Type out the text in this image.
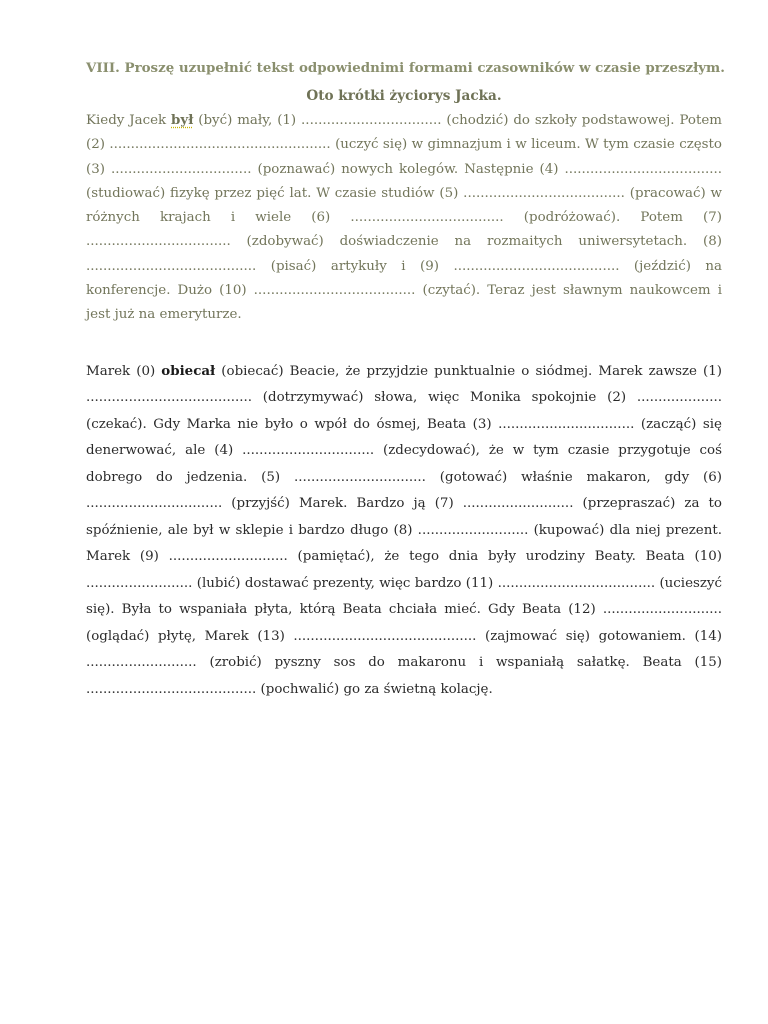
VIII. Proszę uzupełnić tekst odpowiednimi formami czasowników w czasie przeszłym.
Oto krótki życiorys Jacka.

Kiedy Jacek był (być) mały, (1) ................................. (chodzić) do szkoły podstawowej. Potem (2) .................................................... (uczyć się) w gimnazjum i w liceum. W tym czasie często (3) ................................. (poznawać) nowych kolegów. Następnie (4) ..................................... (studiować) fizykę przez pięć lat. W czasie studiów (5) ...................................... (pracować) w różnych krajach i wiele (6) .................................... (podróżować). Potem (7) .................................. (zdobywać) doświadczenie na rozmaitych uniwersytetach. (8) ........................................ (pisać) artykuły i (9) ....................................... (jeździć) na konferencje. Dużo (10) ...................................... (czytać). Teraz jest sławnym naukowcem i jest już na emeryturze.

Marek (0) obiecał (obiecać) Beacie, że przyjdzie punktualnie o siódmej. Marek zawsze (1) ....................................... (dotrzymywać) słowa, więc Monika spokojnie (2) .................... (czekać). Gdy Marka nie było o wpół do ósmej, Beata (3) ................................ (zacząć) się denerwować, ale (4) ............................... (zdecydować), że w tym czasie przygotuje coś dobrego do jedzenia. (5) ............................... (gotować) właśnie makaron, gdy (6) ................................ (przyjść) Marek. Bardzo ją (7) .......................... (przepraszać) za to spóźnienie, ale był w sklepie i bardzo długo (8) .......................... (kupować) dla niej prezent. Marek (9) ............................ (pamiętać), że tego dnia były urodziny Beaty. Beata (10) ......................... (lubić) dostawać prezenty, więc bardzo (11) ..................................... (ucieszyć się). Była to wspaniała płyta, którą Beata chciała mieć. Gdy Beata (12) ............................ (oglądać) płytę, Marek (13) ........................................... (zajmować się) gotowaniem. (14) .......................... (zrobić) pyszny sos do makaronu i wspaniałą sałatkę. Beata (15) ........................................ (pochwalić) go za świetną kolację.
